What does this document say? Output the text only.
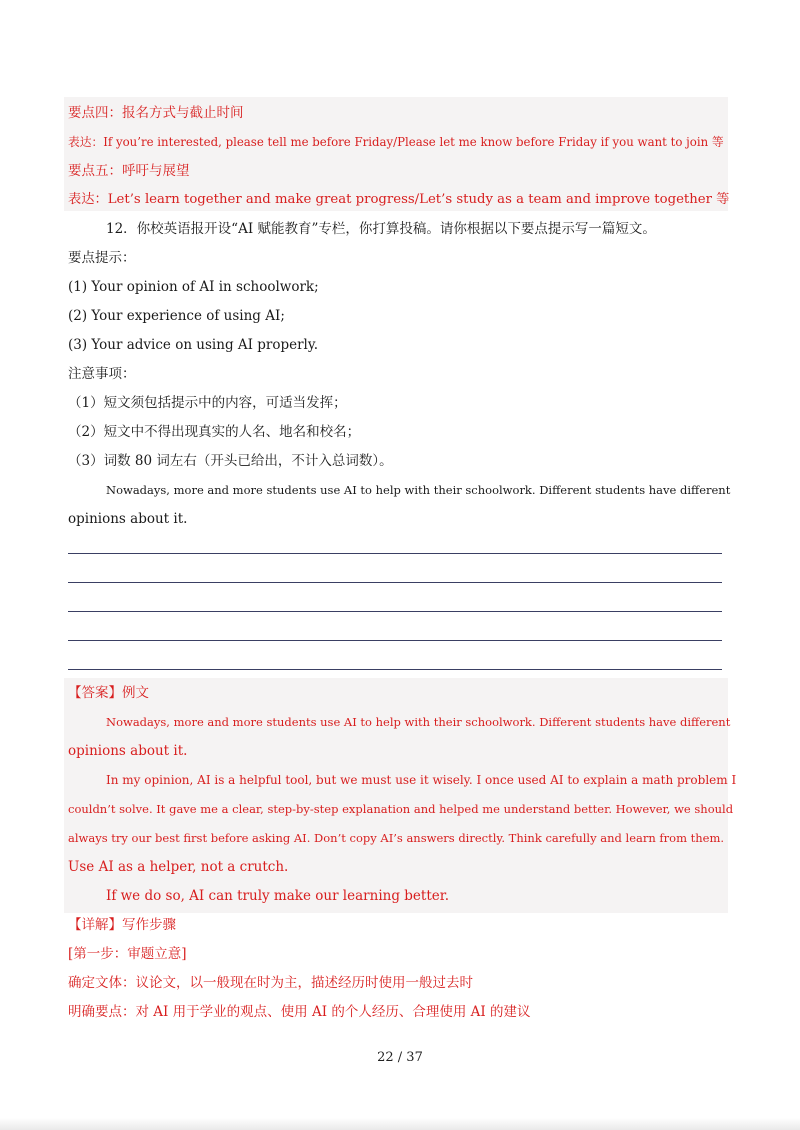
要点四：报名方式与截止时间
表达：If you’re interested, please tell me before Friday/Please let me know before Friday if you want to join 等
要点五：呼吁与展望
表达：Let’s learn together and make great progress/Let’s study as a team and improve together 等
12．你校英语报开设“AI 赋能教育”专栏，你打算投稿。请你根据以下要点提示写一篇短文。
要点提示：
(1) Your opinion of AI in schoolwork;
(2) Your experience of using AI;
(3) Your advice on using AI properly.
注意事项：
（1）短文须包括提示中的内容，可适当发挥；
（2）短文中不得出现真实的人名、地名和校名；
（3）词数 80 词左右（开头已给出，不计入总词数）。
Nowadays, more and more students use AI to help with their schoolwork. Different students have different
opinions about it.
【答案】例文
Nowadays, more and more students use AI to help with their schoolwork. Different students have different
opinions about it.
In my opinion, AI is a helpful tool, but we must use it wisely. I once used AI to explain a math problem I
couldn’t solve. It gave me a clear, step-by-step explanation and helped me understand better. However, we should
always try our best first before asking AI. Don’t copy AI’s answers directly. Think carefully and learn from them.
Use AI as a helper, not a crutch.
If we do so, AI can truly make our learning better.
【详解】写作步骤
[第一步：审题立意]
确定文体：议论文，以一般现在时为主，描述经历时使用一般过去时
明确要点：对 AI 用于学业的观点、使用 AI 的个人经历、合理使用 AI 的建议
22 / 37
